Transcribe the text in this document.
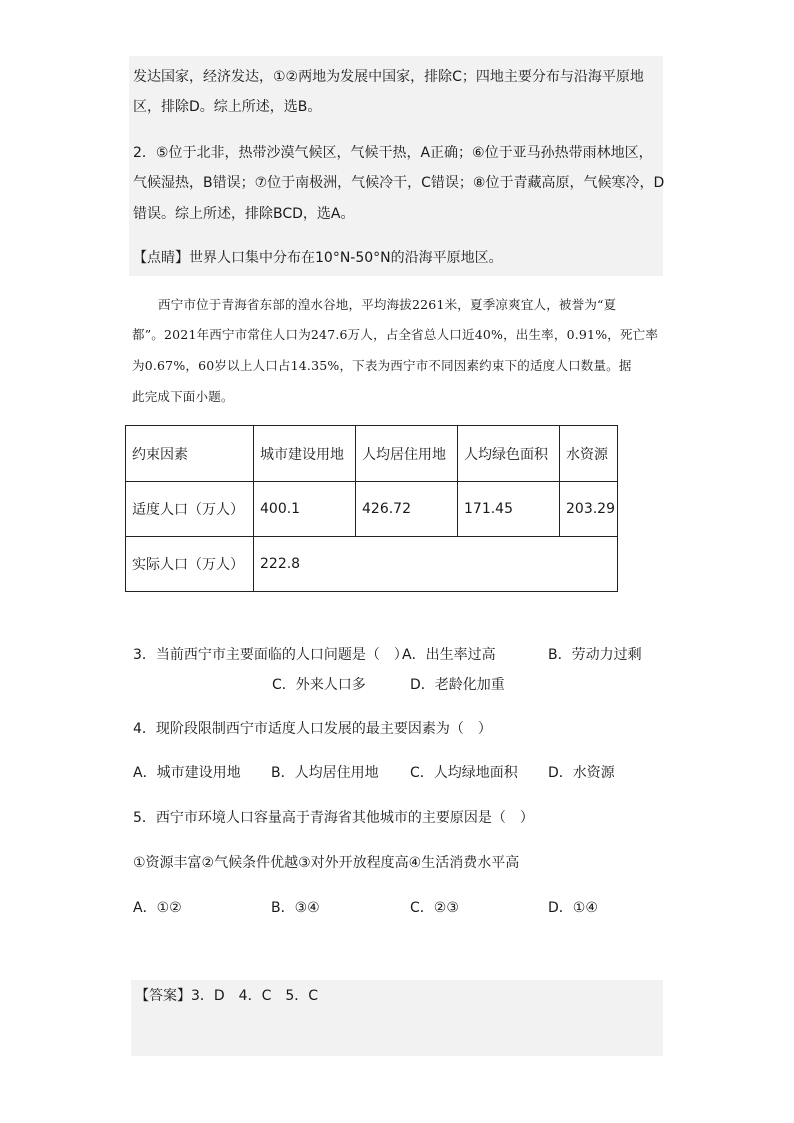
发达国家，经济发达，①②两地为发展中国家，排除C；四地主要分布与沿海平原地
区，排除D。综上所述，选B。
2．⑤位于北非，热带沙漠气候区，气候干热，A正确；⑥位于亚马孙热带雨林地区，
气候湿热，B错误；⑦位于南极洲，气候冷干，C错误；⑧位于青藏高原，气候寒冷，D
错误。综上所述，排除BCD，选A。
【点睛】世界人口集中分布在10°N-50°N的沿海平原地区。
西宁市位于青海省东部的湟水谷地，平均海拔2261米，夏季凉爽宜人，被誉为“夏
都”。2021年西宁市常住人口为247.6万人，占全省总人口近40%，出生率，0.91%，死亡率
为0.67%，60岁以上人口占14.35%，下表为西宁市不同因素约束下的适度人口数量。据
此完成下面小题。
约束因素	城市建设用地	人均居住用地	人均绿色面积	水资源
适度人口（万人）	400.1	426.72	171.45	203.29
实际人口（万人）	222.8			
3．当前西宁市主要面临的人口问题是（　）
A．出生率过高	B．劳动力过剩
C．外来人口多	D．老龄化加重
4．现阶段限制西宁市适度人口发展的最主要因素为（　）
A．城市建设用地 B．人均居住用地 C．人均绿地面积 D．水资源
5．西宁市环境人口容量高于青海省其他城市的主要原因是（　）
①资源丰富②气候条件优越③对外开放程度高④生活消费水平高
A．①②	B．③④	C．②③	D．①④
【答案】3．D　4．C　5．C
